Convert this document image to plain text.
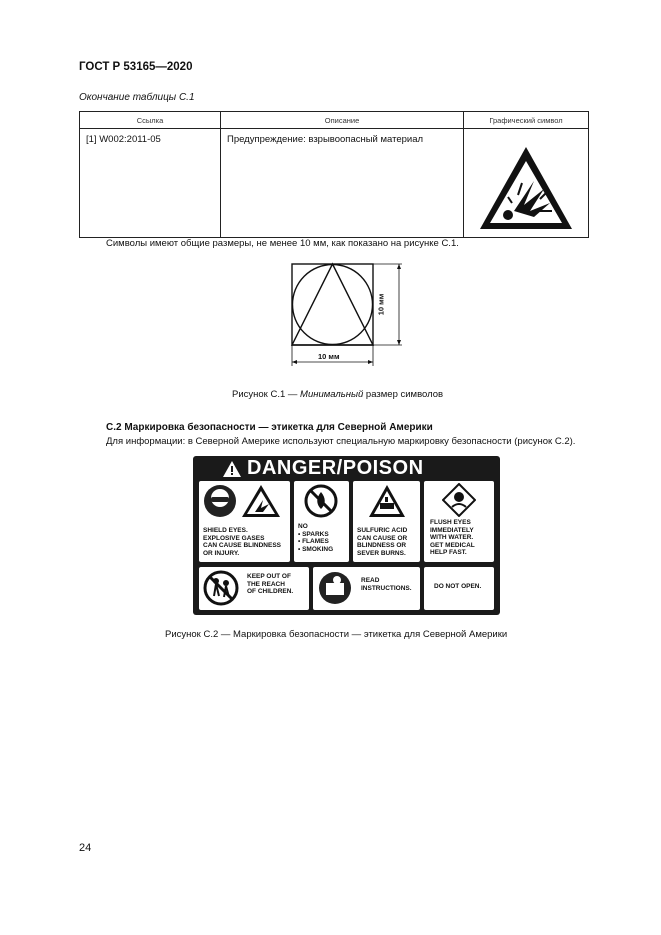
ГОСТ Р 53165—2020
Окончание таблицы С.1
Ссылка	Описание	Графический символ
[1] W002:2011-05	Предупреждение: взрывоопасный материал	
Символы имеют общие размеры, не менее 10 мм, как показано на рисунке С.1.
10 мм
10 мм
Рисунок С.1 — Минимальный размер символов
С.2 Маркировка безопасности — этикетка для Северной Америки
Для информации: в Северной Америке используют специальную маркировку безопасности (рисунок С.2).
DANGER/POISON
SHIELD EYES.
EXPLOSIVE GASES
CAN CAUSE BLINDNESS
OR INJURY.
NO
• SPARKS
• FLAMES
• SMOKING
SULFURIC ACID
CAN CAUSE OR
BLINDNESS OR
SEVER BURNS.
FLUSH EYES
IMMEDIATELY
WITH WATER.
GET MEDICAL
HELP FAST.
KEEP OUT OF
THE REACH
OF CHILDREN.
READ
INSTRUCTIONS.	DO NOT OPEN.
Рисунок С.2 — Маркировка безопасности — этикетка для Северной Америки
24
